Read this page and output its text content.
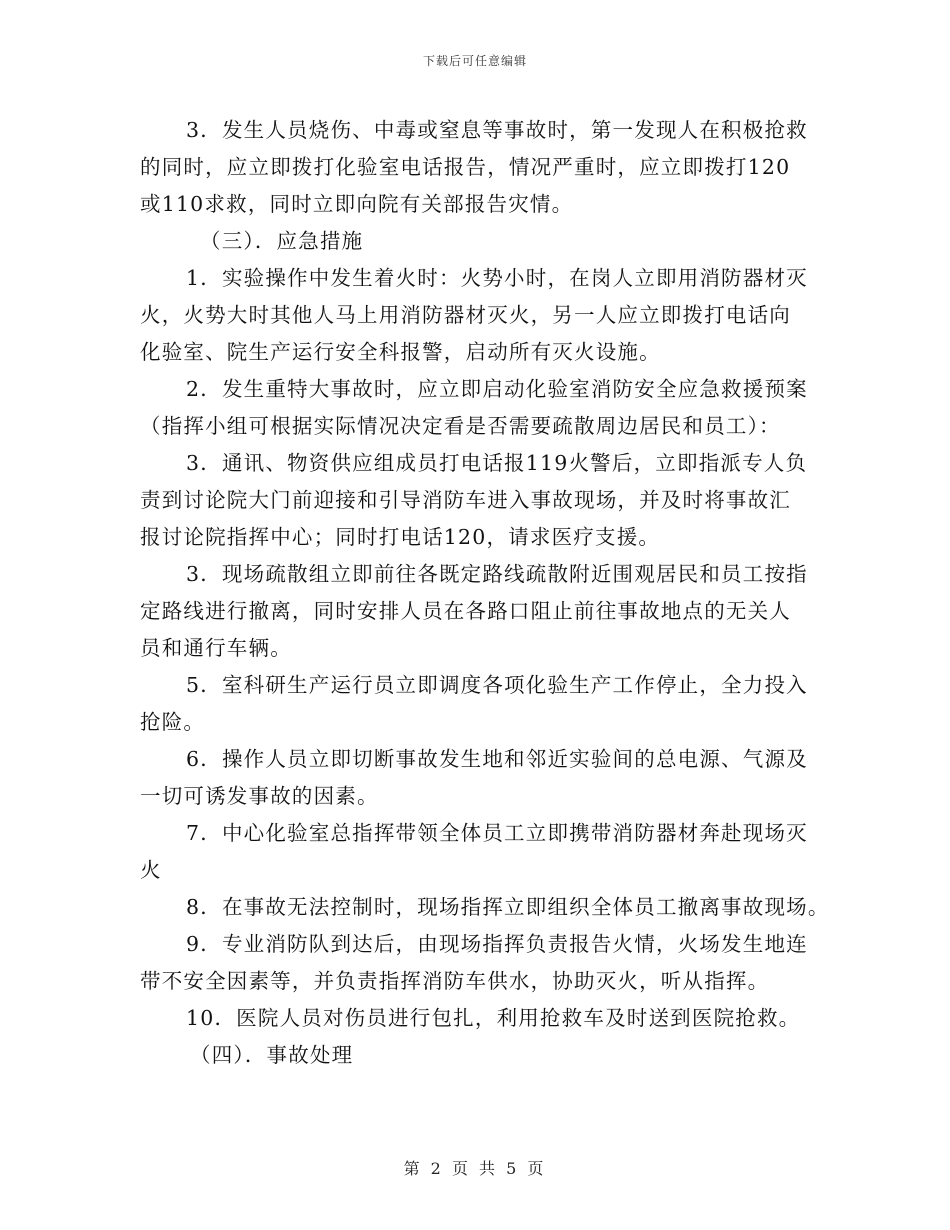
下载后可任意编辑

3．发生人员烧伤、中毒或窒息等事故时，第一发现人在积极抢救
的同时，应立即拨打化验室电话报告，情况严重时，应立即拨打120
或110求救，同时立即向院有关部报告灾情。

（三）．应急措施

1．实验操作中发生着火时：火势小时，在岗人立即用消防器材灭
火，火势大时其他人马上用消防器材灭火，另一人应立即拨打电话向
化验室、院生产运行安全科报警，启动所有灭火设施。

2．发生重特大事故时，应立即启动化验室消防安全应急救援预案
（指挥小组可根据实际情况决定看是否需要疏散周边居民和员工）：

3．通讯、物资供应组成员打电话报119火警后，立即指派专人负
责到讨论院大门前迎接和引导消防车进入事故现场，并及时将事故汇
报讨论院指挥中心；同时打电话120，请求医疗支援。

3．现场疏散组立即前往各既定路线疏散附近围观居民和员工按指
定路线进行撤离，同时安排人员在各路口阻止前往事故地点的无关人
员和通行车辆。

5．室科研生产运行员立即调度各项化验生产工作停止，全力投入
抢险。

6．操作人员立即切断事故发生地和邻近实验间的总电源、气源及
一切可诱发事故的因素。

7．中心化验室总指挥带领全体员工立即携带消防器材奔赴现场灭
火

8．在事故无法控制时，现场指挥立即组织全体员工撤离事故现场。

9．专业消防队到达后，由现场指挥负责报告火情，火场发生地连
带不安全因素等，并负责指挥消防车供水，协助灭火，听从指挥。

10．医院人员对伤员进行包扎，利用抢救车及时送到医院抢救。

（四）．事故处理

第 2 页 共 5 页
